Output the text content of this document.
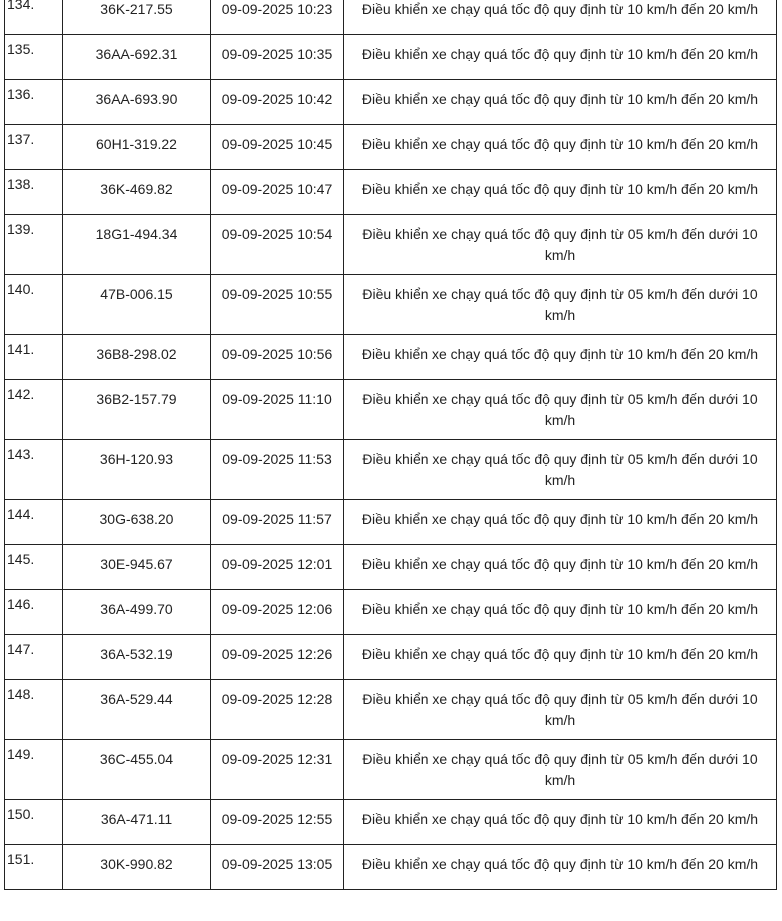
134.	36K-217.55	09-09-2025 10:23	Điều khiển xe chạy quá tốc độ quy định từ 10 km/h đến 20 km/h

135.	36AA-692.31	09-09-2025 10:35	Điều khiển xe chạy quá tốc độ quy định từ 10 km/h đến 20 km/h

136.	36AA-693.90	09-09-2025 10:42	Điều khiển xe chạy quá tốc độ quy định từ 10 km/h đến 20 km/h

137.	60H1-319.22	09-09-2025 10:45	Điều khiển xe chạy quá tốc độ quy định từ 10 km/h đến 20 km/h

138.	36K-469.82	09-09-2025 10:47	Điều khiển xe chạy quá tốc độ quy định từ 10 km/h đến 20 km/h

139.	18G1-494.34	09-09-2025 10:54	Điều khiển xe chạy quá tốc độ quy định từ 05 km/h đến dưới 10 km/h

140.	47B-006.15	09-09-2025 10:55	Điều khiển xe chạy quá tốc độ quy định từ 05 km/h đến dưới 10 km/h

141.	36B8-298.02	09-09-2025 10:56	Điều khiển xe chạy quá tốc độ quy định từ 10 km/h đến 20 km/h

142.	36B2-157.79	09-09-2025 11:10	Điều khiển xe chạy quá tốc độ quy định từ 05 km/h đến dưới 10 km/h

143.	36H-120.93	09-09-2025 11:53	Điều khiển xe chạy quá tốc độ quy định từ 05 km/h đến dưới 10 km/h

144.	30G-638.20	09-09-2025 11:57	Điều khiển xe chạy quá tốc độ quy định từ 10 km/h đến 20 km/h

145.	30E-945.67	09-09-2025 12:01	Điều khiển xe chạy quá tốc độ quy định từ 10 km/h đến 20 km/h

146.	36A-499.70	09-09-2025 12:06	Điều khiển xe chạy quá tốc độ quy định từ 10 km/h đến 20 km/h

147.	36A-532.19	09-09-2025 12:26	Điều khiển xe chạy quá tốc độ quy định từ 10 km/h đến 20 km/h

148.	36A-529.44	09-09-2025 12:28	Điều khiển xe chạy quá tốc độ quy định từ 05 km/h đến dưới 10 km/h

149.	36C-455.04	09-09-2025 12:31	Điều khiển xe chạy quá tốc độ quy định từ 05 km/h đến dưới 10 km/h

150.	36A-471.11	09-09-2025 12:55	Điều khiển xe chạy quá tốc độ quy định từ 10 km/h đến 20 km/h

151.	30K-990.82	09-09-2025 13:05	Điều khiển xe chạy quá tốc độ quy định từ 10 km/h đến 20 km/h
